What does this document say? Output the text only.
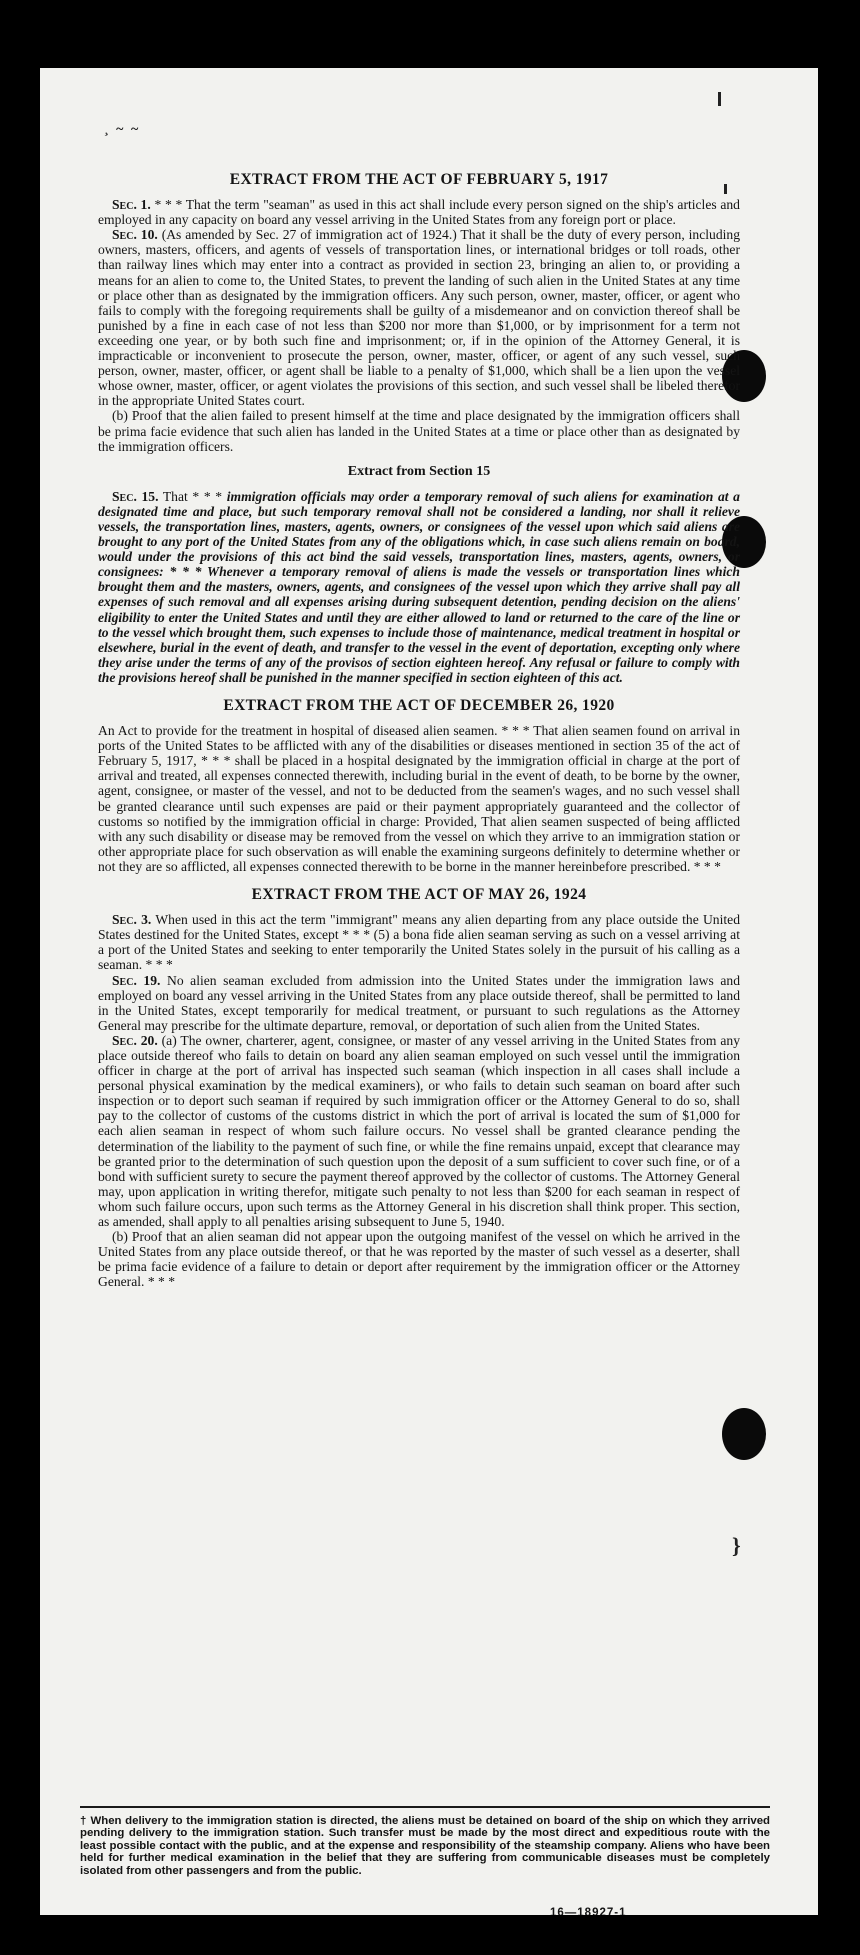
¸ ~ ~
}
EXTRACT FROM THE ACT OF FEBRUARY 5, 1917

Sec. 1. * * * That the term "seaman" as used in this act shall include every person signed on the ship's articles and employed in any capacity on board any vessel arriving in the United States from any foreign port or place.

Sec. 10. (As amended by Sec. 27 of immigration act of 1924.) That it shall be the duty of every person, including owners, masters, officers, and agents of vessels of transportation lines, or international bridges or toll roads, other than railway lines which may enter into a contract as provided in section 23, bringing an alien to, or providing a means for an alien to come to, the United States, to prevent the landing of such alien in the United States at any time or place other than as designated by the immigration officers. Any such person, owner, master, officer, or agent who fails to comply with the foregoing requirements shall be guilty of a misdemeanor and on conviction thereof shall be punished by a fine in each case of not less than $200 nor more than $1,000, or by imprisonment for a term not exceeding one year, or by both such fine and imprisonment; or, if in the opinion of the Attorney General, it is impracticable or inconvenient to prosecute the person, owner, master, officer, or agent of any such vessel, such person, owner, master, officer, or agent shall be liable to a penalty of $1,000, which shall be a lien upon the vessel whose owner, master, officer, or agent violates the provisions of this section, and such vessel shall be libeled therefor in the appropriate United States court.

(b) Proof that the alien failed to present himself at the time and place designated by the immigration officers shall be prima facie evidence that such alien has landed in the United States at a time or place other than as designated by the immigration officers.

Extract from Section 15

Sec. 15. That * * * immigration officials may order a temporary removal of such aliens for examination at a designated time and place, but such temporary removal shall not be considered a landing, nor shall it relieve vessels, the transportation lines, masters, agents, owners, or consignees of the vessel upon which said aliens are brought to any port of the United States from any of the obligations which, in case such aliens remain on board, would under the provisions of this act bind the said vessels, transportation lines, masters, agents, owners, or consignees: * * * Whenever a temporary removal of aliens is made the vessels or transportation lines which brought them and the masters, owners, agents, and consignees of the vessel upon which they arrive shall pay all expenses of such removal and all expenses arising during subsequent detention, pending decision on the aliens' eligibility to enter the United States and until they are either allowed to land or returned to the care of the line or to the vessel which brought them, such expenses to include those of maintenance, medical treatment in hospital or elsewhere, burial in the event of death, and transfer to the vessel in the event of deportation, excepting only where they arise under the terms of any of the provisos of section eighteen hereof. Any refusal or failure to comply with the provisions hereof shall be punished in the manner specified in section eighteen of this act.

EXTRACT FROM THE ACT OF DECEMBER 26, 1920

An Act to provide for the treatment in hospital of diseased alien seamen. * * * That alien seamen found on arrival in ports of the United States to be afflicted with any of the disabilities or diseases mentioned in section 35 of the act of February 5, 1917, * * * shall be placed in a hospital designated by the immigration official in charge at the port of arrival and treated, all expenses connected therewith, including burial in the event of death, to be borne by the owner, agent, consignee, or master of the vessel, and not to be deducted from the seamen's wages, and no such vessel shall be granted clearance until such expenses are paid or their payment appropriately guaranteed and the collector of customs so notified by the immigration official in charge: Provided, That alien seamen suspected of being afflicted with any such disability or disease may be removed from the vessel on which they arrive to an immigration station or other appropriate place for such observation as will enable the examining surgeons definitely to determine whether or not they are so afflicted, all expenses connected therewith to be borne in the manner hereinbefore prescribed. * * *

EXTRACT FROM THE ACT OF MAY 26, 1924

Sec. 3. When used in this act the term "immigrant" means any alien departing from any place outside the United States destined for the United States, except * * * (5) a bona fide alien seaman serving as such on a vessel arriving at a port of the United States and seeking to enter temporarily the United States solely in the pursuit of his calling as a seaman. * * *

Sec. 19. No alien seaman excluded from admission into the United States under the immigration laws and employed on board any vessel arriving in the United States from any place outside thereof, shall be permitted to land in the United States, except temporarily for medical treatment, or pursuant to such regulations as the Attorney General may prescribe for the ultimate departure, removal, or deportation of such alien from the United States.

Sec. 20. (a) The owner, charterer, agent, consignee, or master of any vessel arriving in the United States from any place outside thereof who fails to detain on board any alien seaman employed on such vessel until the immigration officer in charge at the port of arrival has inspected such seaman (which inspection in all cases shall include a personal physical examination by the medical examiners), or who fails to detain such seaman on board after such inspection or to deport such seaman if required by such immigration officer or the Attorney General to do so, shall pay to the collector of customs of the customs district in which the port of arrival is located the sum of $1,000 for each alien seaman in respect of whom such failure occurs. No vessel shall be granted clearance pending the determination of the liability to the payment of such fine, or while the fine remains unpaid, except that clearance may be granted prior to the determination of such question upon the deposit of a sum sufficient to cover such fine, or of a bond with sufficient surety to secure the payment thereof approved by the collector of customs. The Attorney General may, upon application in writing therefor, mitigate such penalty to not less than $200 for each seaman in respect of whom such failure occurs, upon such terms as the Attorney General in his discretion shall think proper. This section, as amended, shall apply to all penalties arising subsequent to June 5, 1940.

(b) Proof that an alien seaman did not appear upon the outgoing manifest of the vessel on which he arrived in the United States from any place outside thereof, or that he was reported by the master of such vessel as a deserter, shall be prima facie evidence of a failure to detain or deport after requirement by the immigration officer or the Attorney General. * * *

† When delivery to the immigration station is directed, the aliens must be detained on board of the ship on which they arrived pending delivery to the immigration station. Such transfer must be made by the most direct and expeditious route with the least possible contact with the public, and at the expense and responsibility of the steamship company. Aliens who have been held for further medical examination in the belief that they are suffering from communicable diseases must be completely isolated from other passengers and from the public.
16—18927-1
